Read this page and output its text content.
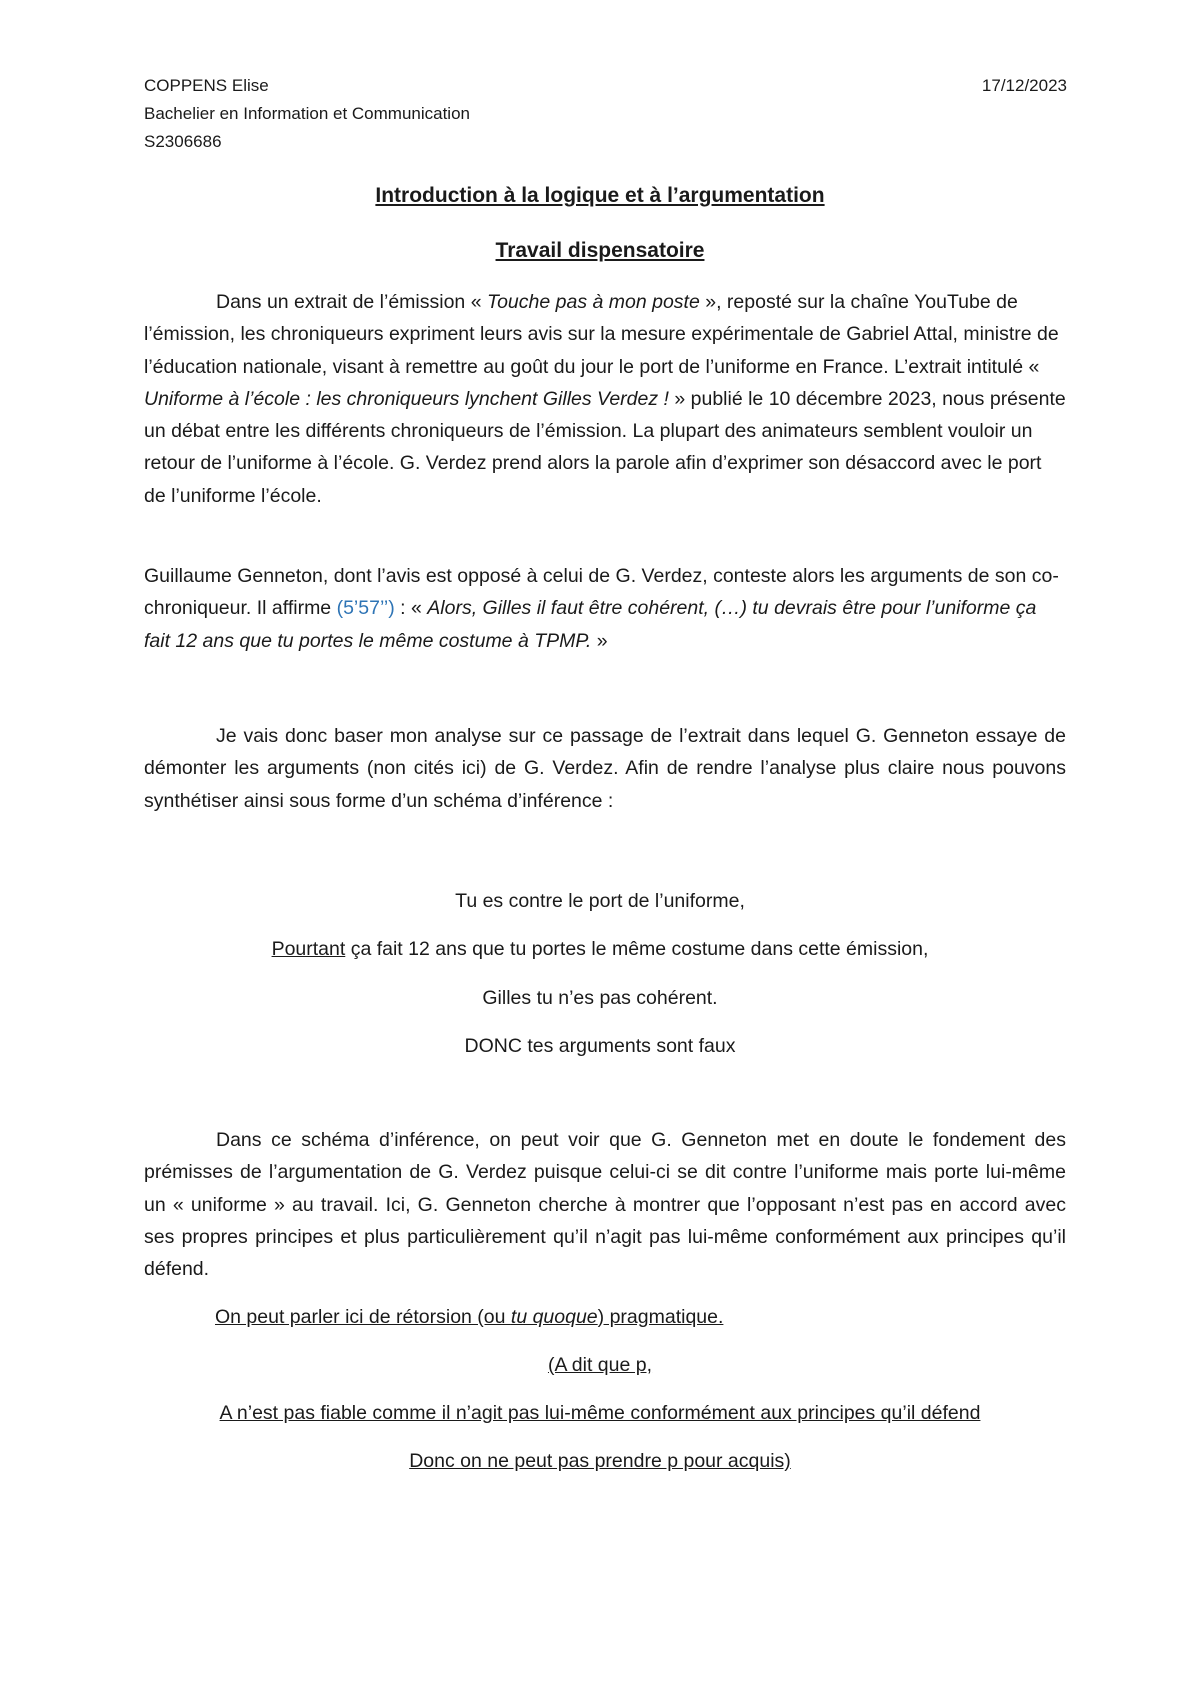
COPPENS Elise
Bachelier en Information et Communication
S2306686
17/12/2023
Introduction à la logique et à l’argumentation
Travail dispensatoire

Dans un extrait de l’émission « Touche pas à mon poste », reposté sur la chaîne YouTube de l’émission, les chroniqueurs expriment leurs avis sur la mesure expérimentale de Gabriel Attal, ministre de l’éducation nationale, visant à remettre au goût du jour le port de l’uniforme en France. L’extrait intitulé « Uniforme à l’école : les chroniqueurs lynchent Gilles Verdez ! » publié le 10 décembre 2023, nous présente un débat entre les différents chroniqueurs de l’émission. La plupart des animateurs semblent vouloir un retour de l’uniforme à l’école. G. Verdez prend alors la parole afin d’exprimer son désaccord avec le port de l’uniforme l’école.

Guillaume Genneton, dont l’avis est opposé à celui de G. Verdez, conteste alors les arguments de son co-chroniqueur. Il affirme (5’57’’) : « Alors, Gilles il faut être cohérent, (…) tu devrais être pour l’uniforme ça fait 12 ans que tu portes le même costume à TPMP. »

Je vais donc baser mon analyse sur ce passage de l’extrait dans lequel G. Genneton essaye de démonter les arguments (non cités ici) de G. Verdez. Afin de rendre l’analyse plus claire nous pouvons synthétiser ainsi sous forme d’un schéma d’inférence :

Tu es contre le port de l’uniforme,
Pourtant ça fait 12 ans que tu portes le même costume dans cette émission,
Gilles tu n’es pas cohérent.
DONC tes arguments sont faux

Dans ce schéma d’inférence, on peut voir que G. Genneton met en doute le fondement des prémisses de l’argumentation de G. Verdez puisque celui-ci se dit contre l’uniforme mais porte lui-même un « uniforme » au travail. Ici, G. Genneton cherche à montrer que l’opposant n’est pas en accord avec ses propres principes et plus particulièrement qu’il n’agit pas lui-même conformément aux principes qu’il défend.

On peut parler ici de rétorsion (ou tu quoque) pragmatique.
(A dit que p,
A n’est pas fiable comme il n’agit pas lui-même conformément aux principes qu’il défend
Donc on ne peut pas prendre p pour acquis)
